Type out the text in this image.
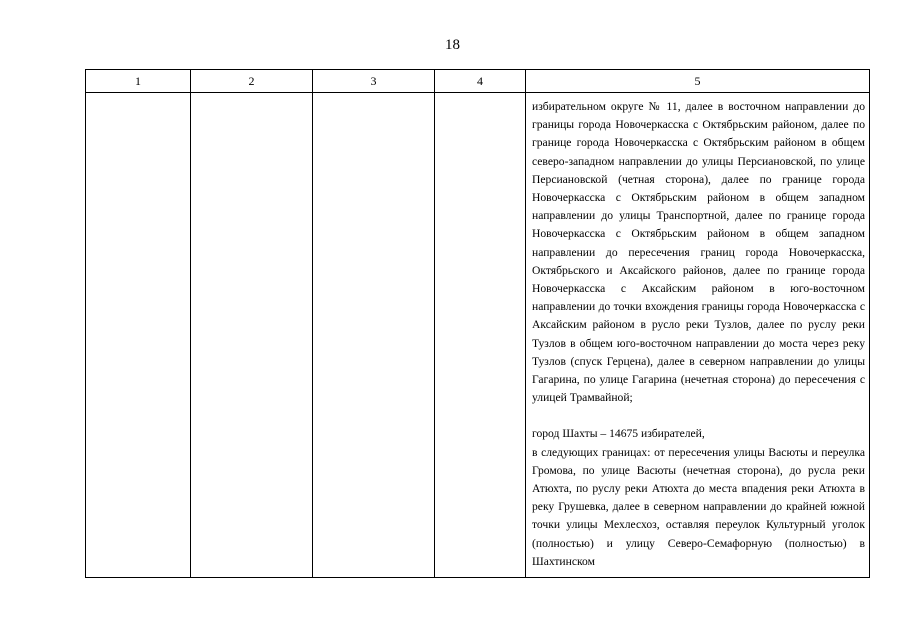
18
1	2	3	4	5

				избирательном округе № 11, далее в восточном направлении до границы города Новочеркасска с Октябрьским районом, далее по границе города Новочеркасска с Октябрьским районом в общем северо-западном направлении до улицы Персиановской, по улице Персиановской (четная сторона), далее по границе города Новочеркасска с Октябрьским районом в общем западном направлении до улицы Транспортной, далее по границе города Новочеркасска с Октябрьским районом в общем западном направлении до пересечения границ города Новочеркасска, Октябрьского и Аксайского районов, далее по границе города Новочеркасска с Аксайским районом в юго-восточном направлении до точки вхождения границы города Новочеркасска с Аксайским районом в русло реки Тузлов, далее по руслу реки Тузлов в общем юго-восточном направлении до моста через реку Тузлов (спуск Герцена), далее в северном направлении до улицы Гагарина, по улице Гагарина (нечетная сторона) до пересечения с улицей Трамвайной;

город Шахты – 14675 избирателей,

в следующих границах: от пересечения улицы Васюты и переулка Громова, по улице Васюты (нечетная сторона), до русла реки Атюхта, по руслу реки Атюхта до места впадения реки Атюхта в реку Грушевка, далее в северном направлении до крайней южной точки улицы Мехлесхоз, оставляя переулок Культурный уголок (полностью) и улицу Северо-Семафорную (полностью) в Шахтинском
